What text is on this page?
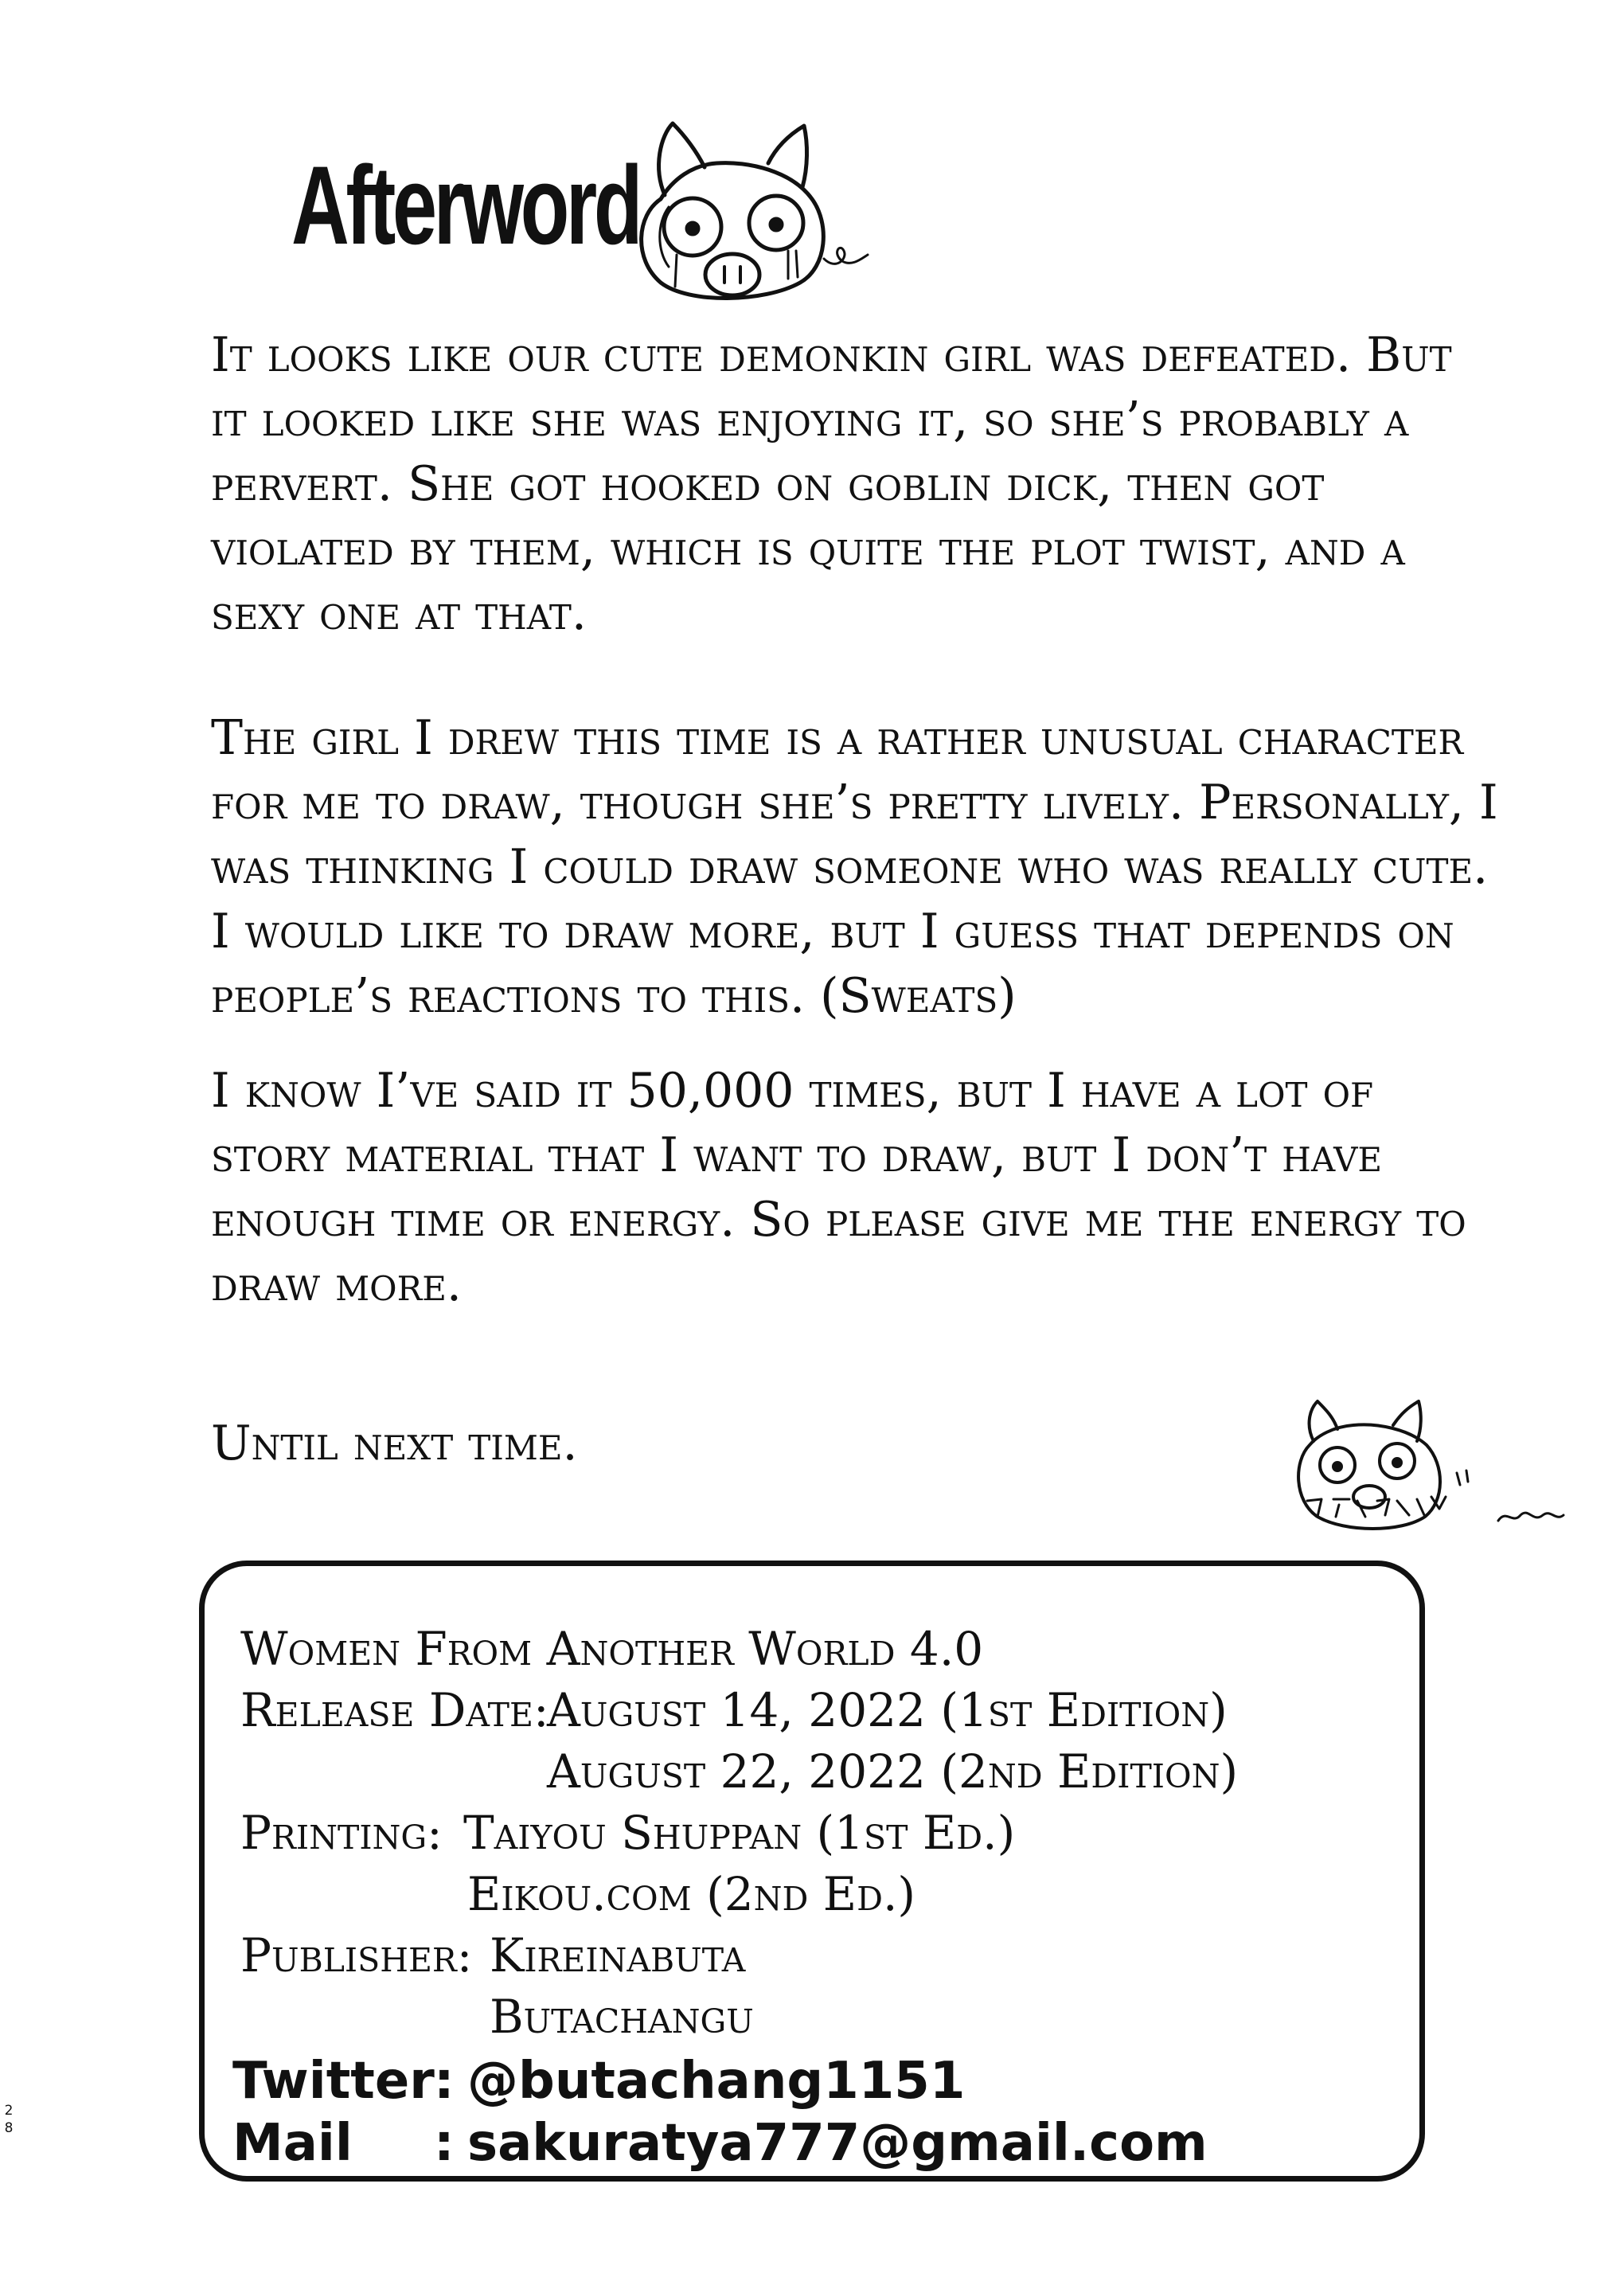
Afterword

It looks like our cute demonkin girl was defeated. But it looked like she was enjoying it, so she’s probably a pervert. She got hooked on goblin dick, then got violated by them, which is quite the plot twist, and a sexy one at that.

The girl I drew this time is a rather unusual character for me to draw, though she’s pretty lively. Personally, I was thinking I could draw someone who was really cute. I would like to draw more, but I guess that depends on people’s reactions to this. (Sweats)

I know I’ve said it 50,000 times, but I have a lot of story material that I want to draw, but I don’t have enough time or energy. So please give me the energy to draw more.

Until next time.

Women From Another World 4.0
Release Date:
August 14, 2022 (1st Edition)
August 22, 2022 (2nd Edition)
Printing: Taiyou Shuppan (1st Ed.)
Eikou.com (2nd Ed.)
Publisher: Kireinabuta
Butachangu
Twitter : @butachang1151
Mail : sakuratya777@gmail.com
28
